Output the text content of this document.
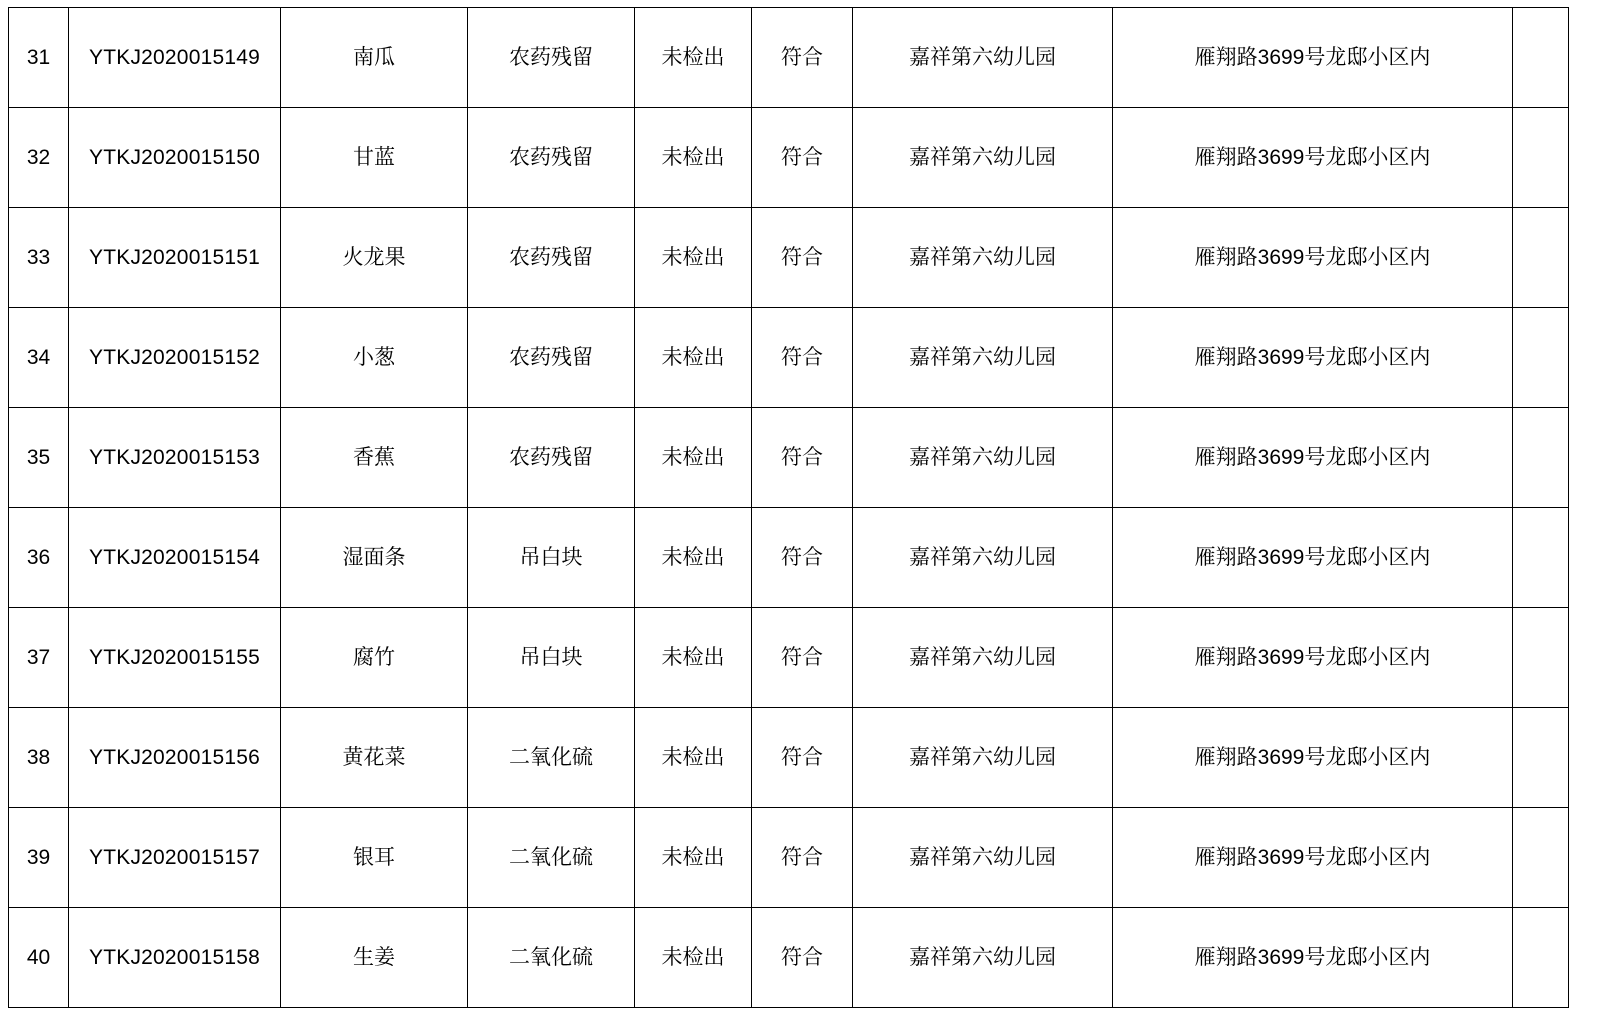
31	YTKJ2020015149	南瓜	农药残留	未检出	符合	嘉祥第六幼儿园	雁翔路3699号龙邸小区内	
32	YTKJ2020015150	甘蓝	农药残留	未检出	符合	嘉祥第六幼儿园	雁翔路3699号龙邸小区内	
33	YTKJ2020015151	火龙果	农药残留	未检出	符合	嘉祥第六幼儿园	雁翔路3699号龙邸小区内	
34	YTKJ2020015152	小葱	农药残留	未检出	符合	嘉祥第六幼儿园	雁翔路3699号龙邸小区内	
35	YTKJ2020015153	香蕉	农药残留	未检出	符合	嘉祥第六幼儿园	雁翔路3699号龙邸小区内	
36	YTKJ2020015154	湿面条	吊白块	未检出	符合	嘉祥第六幼儿园	雁翔路3699号龙邸小区内	
37	YTKJ2020015155	腐竹	吊白块	未检出	符合	嘉祥第六幼儿园	雁翔路3699号龙邸小区内	
38	YTKJ2020015156	黄花菜	二氧化硫	未检出	符合	嘉祥第六幼儿园	雁翔路3699号龙邸小区内	
39	YTKJ2020015157	银耳	二氧化硫	未检出	符合	嘉祥第六幼儿园	雁翔路3699号龙邸小区内	
40	YTKJ2020015158	生姜	二氧化硫	未检出	符合	嘉祥第六幼儿园	雁翔路3699号龙邸小区内	
